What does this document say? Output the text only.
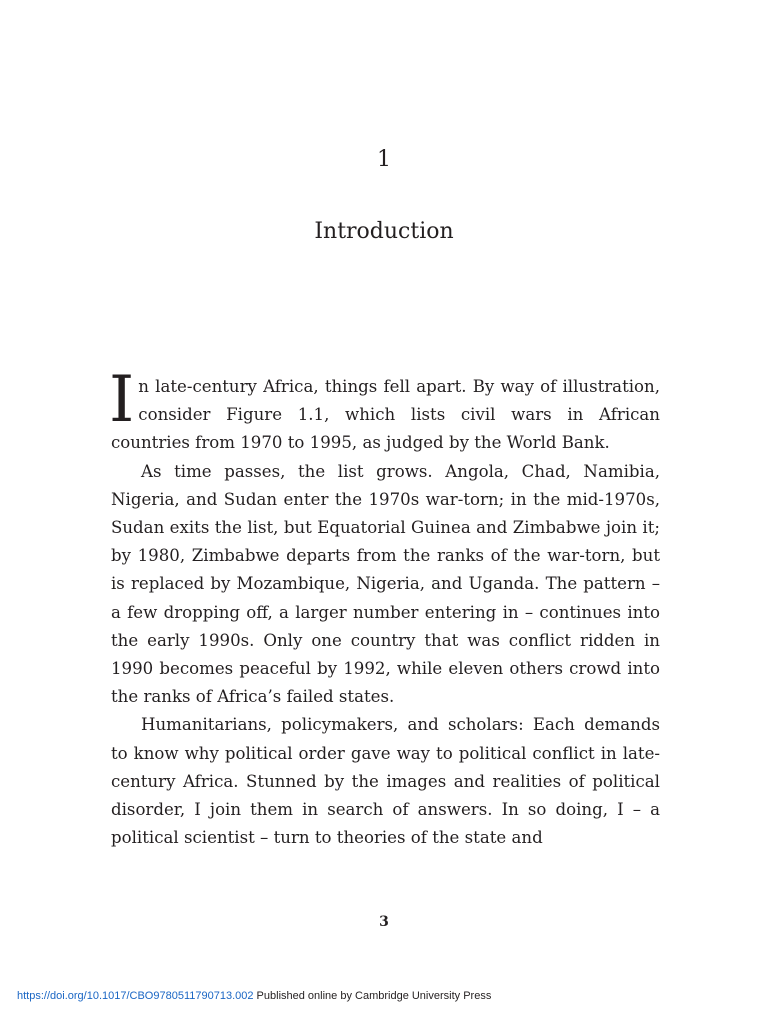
1
Introduction

In late-century Africa, things fell apart. By way of illustration, consider Figure 1.1, which lists civil wars in African countries from 1970 to 1995, as judged by the World Bank.

As time passes, the list grows. Angola, Chad, Namibia, Nigeria, and Sudan enter the 1970s war-torn; in the mid-1970s, Sudan exits the list, but Equatorial Guinea and Zimbabwe join it; by 1980, Zimbabwe departs from the ranks of the war-torn, but is replaced by Mozambique, Nigeria, and Uganda. The pattern – a few dropping off, a larger number entering in – continues into the early 1990s. Only one country that was conflict ridden in 1990 becomes peaceful by 1992, while eleven others crowd into the ranks of Africa’s failed states.

Humanitarians, policymakers, and scholars: Each demands to know why political order gave way to political conflict in late-century Africa. Stunned by the images and realities of political disorder, I join them in search of answers. In so doing, I – a political scientist – turn to theories of the state and

3
https://doi.org/10.1017/CBO9780511790713.002 Published online by Cambridge University Press
